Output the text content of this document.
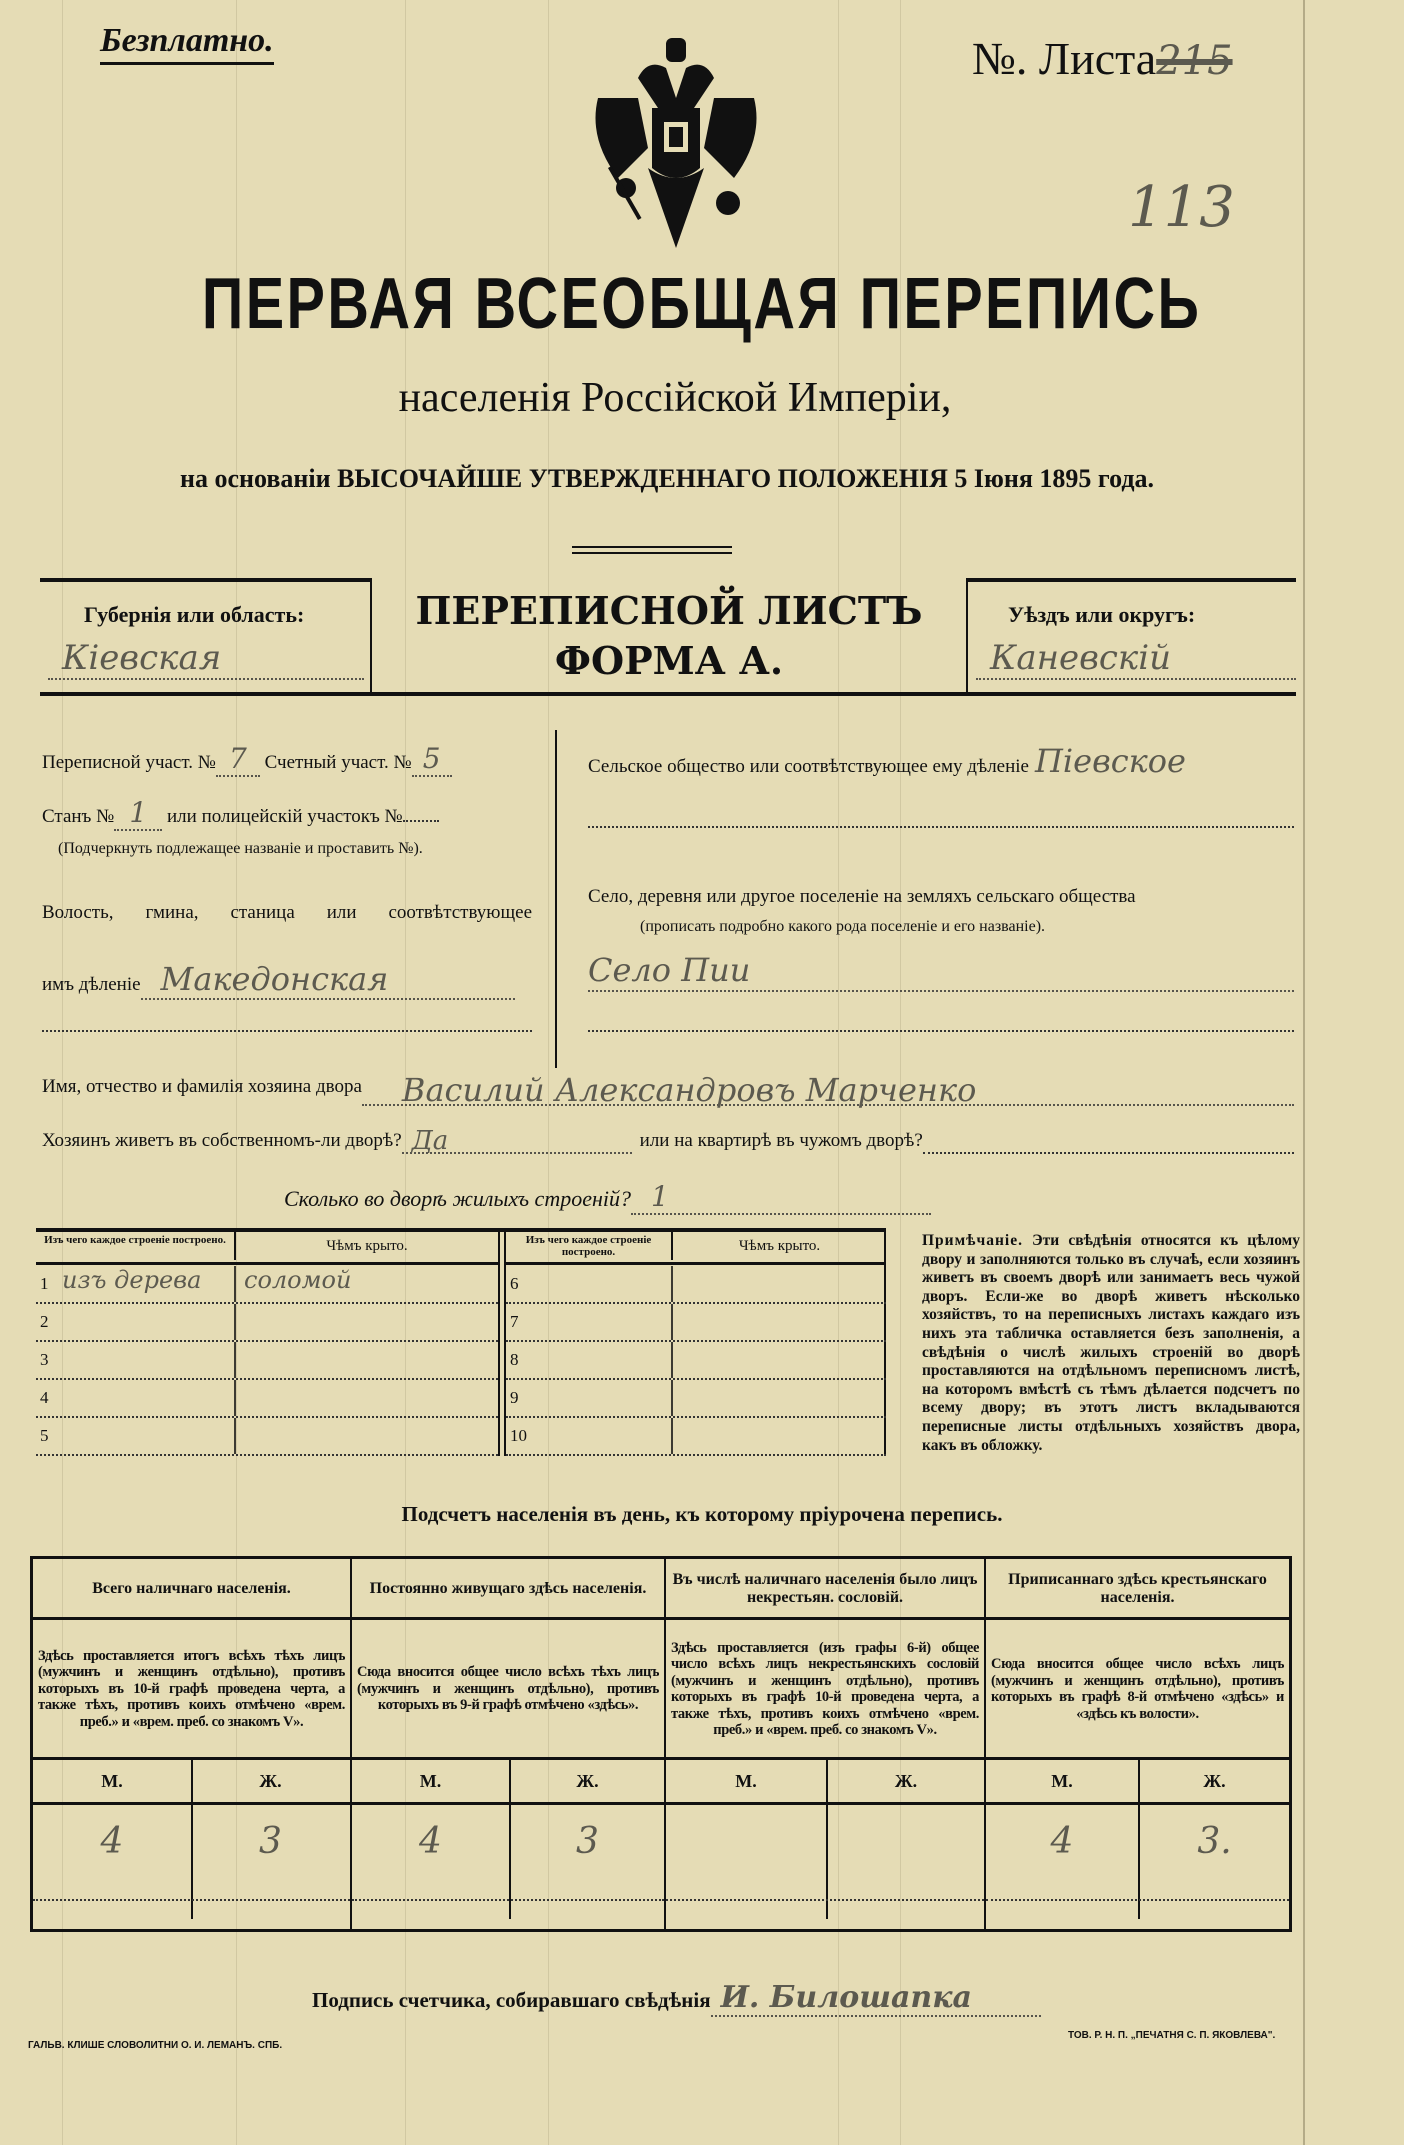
Безплатно.	№. Листа215
113
ПЕРВАЯ ВСЕОБЩАЯ ПЕРЕПИСЬ
населенія Россійской Имперіи,
на основаніи ВЫСОЧАЙШЕ УТВЕРЖДЕННАГО ПОЛОЖЕНІЯ 5 Іюня 1895 года.
Губернія или область:
Кіевская
ПЕРЕПИСНОЙ ЛИСТЪ
ФОРМА А.
Уѣздъ или округъ:
Каневскій
Переписной участ. № 7 Счетный участ. № 5
Станъ № 1 или полицейскій участокъ №
(Подчеркнуть подлежащее названіе и проставить №).
Волость, гмина, станица или соотвѣтствующее
имъ дѣленіе Македонская
Сельское общество или соотвѣтствующее ему дѣленіе Піевское
Село, деревня или другое поселеніе на земляхъ сельскаго общества
(прописать подробно какого рода поселеніе и его названіе).
Село Пии
Имя, отчество и фамилія хозяина двора	Василий Александровъ Марченко
Хозяинъ живетъ въ собственномъ-ли дворѣ? Да	или на квартирѣ въ чужомъ дворѣ?
Сколько во дворѣ жилыхъ строеній? 1
Изъ чего каждое строеніе построено.	Чѣмъ крыто.
1 изъ дерева	соломой
2
3
4
5
Изъ чего каждое строеніе построено.	Чѣмъ крыто.
6
7
8
9
10
Примѣчаніе. Эти свѣдѣнія относятся къ цѣлому двору и заполняются только въ случаѣ, если хозяинъ живетъ въ своемъ дворѣ или занимаетъ весь чужой дворъ. Если-же во дворѣ живетъ нѣсколько хозяйствъ, то на переписныхъ листахъ каждаго изъ нихъ эта табличка оставляется безъ заполненія, а свѣдѣнія о числѣ жилыхъ строеній во дворѣ проставляются на отдѣльномъ переписномъ листѣ, на которомъ вмѣстѣ съ тѣмъ дѣлается подсчетъ по всему двору; въ этотъ листъ вкладываются переписные листы отдѣльныхъ хозяйствъ двора, какъ въ обложку.
Подсчетъ населенія въ день, къ которому пріурочена перепись.
Всего наличнаго населенія.
Здѣсь проставляется итогъ всѣхъ тѣхъ лицъ (мужчинъ и женщинъ отдѣльно), противъ которыхъ въ 10-й графѣ проведена черта, а также тѣхъ, противъ коихъ отмѣчено «врем. преб.» и «врем. преб. со знакомъ V».
М.	Ж.
4	3
Постоянно живущаго здѣсь населенія.
Сюда вносится общее число всѣхъ тѣхъ лицъ (мужчинъ и женщинъ отдѣльно), противъ которыхъ въ 9-й графѣ отмѣчено «здѣсь».
М.	Ж.
4	3
Въ числѣ наличнаго населенія было лицъ некрестьян. сословій.
Здѣсь проставляется (изъ графы 6-й) общее число всѣхъ лицъ некрестьянскихъ сословій (мужчинъ и женщинъ отдѣльно), противъ которыхъ въ графѣ 10-й проведена черта, а также тѣхъ, противъ коихъ отмѣчено «врем. преб.» и «врем. преб. со знакомъ V».
М.	Ж.
Приписаннаго здѣсь крестьянскаго населенія.
Сюда вносится общее число всѣхъ лицъ (мужчинъ и женщинъ отдѣльно), противъ которыхъ въ графѣ 8-й отмѣчено «здѣсь» и «здѣсь къ волости».
М.	Ж.
4	3.
Подпись счетчика, собиравшаго свѣдѣнія И. Билошапка
ГАЛЬВ. КЛИШЕ СЛОВОЛИТНИ О. И. ЛЕМАНЪ. СПБ.
ТОВ. Р. Н. П. „ПЕЧАТНЯ С. П. ЯКОВЛЕВА".
